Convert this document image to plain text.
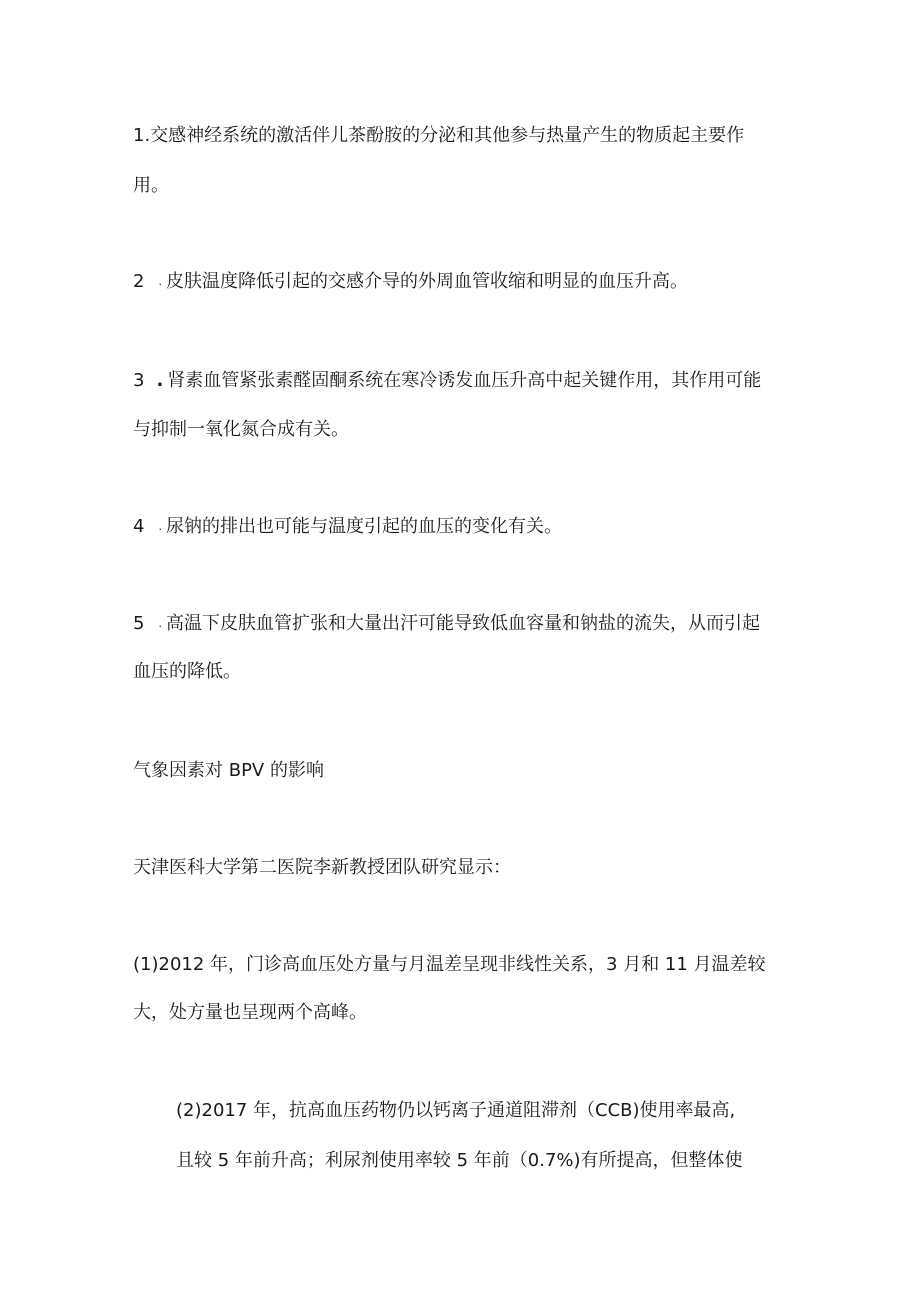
1.交感神经系统的激活伴儿茶酚胺的分泌和其他参与热量产生的物质起主要作
用。
2 . 皮肤温度降低引起的交感介导的外周血管收缩和明显的血压升高。
3 . 肾素血管紧张素醛固酮系统在寒冷诱发血压升高中起关键作用，其作用可能
与抑制一氧化氮合成有关。
4 . 尿钠的排出也可能与温度引起的血压的变化有关。
5 . 高温下皮肤血管扩张和大量出汗可能导致低血容量和钠盐的流失，从而引起
血压的降低。
气象因素对 BPV 的影响
天津医科大学第二医院李新教授团队研究显示：
(1)2012 年，门诊高血压处方量与月温差呈现非线性关系，3 月和 11 月温差较
大，处方量也呈现两个高峰。
(2)2017 年，抗高血压药物仍以钙离子通道阻滞剂（CCB)使用率最高,
且较 5 年前升高；利尿剂使用率较 5 年前（0.7%)有所提高，但整体使
